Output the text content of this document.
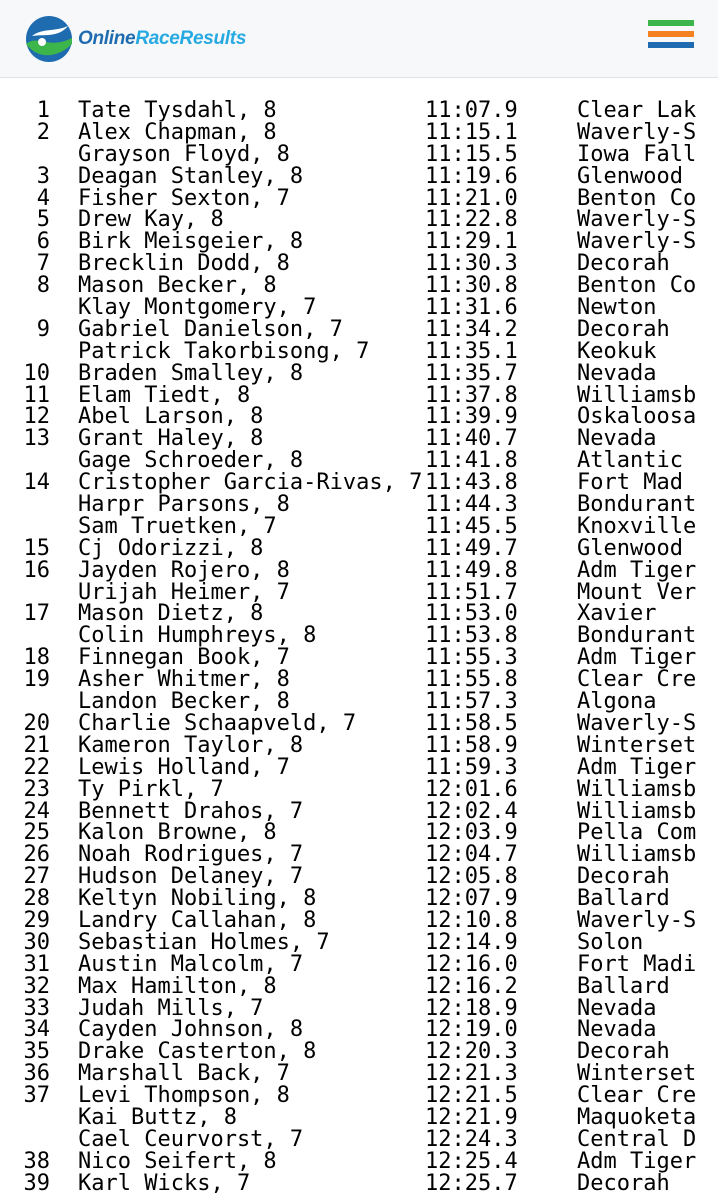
OnlineRaceResults
1 Tate Tysdahl, 8	11:07.9	Clear Lak
2 Alex Chapman, 8	11:15.1	Waverly-S
Grayson Floyd, 8	11:15.5	Iowa Fall
3 Deagan Stanley, 8	11:19.6	Glenwood
4 Fisher Sexton, 7	11:21.0	Benton Co
5 Drew Kay, 8	11:22.8	Waverly-S
6 Birk Meisgeier, 8	11:29.1	Waverly-S
7 Brecklin Dodd, 8	11:30.3	Decorah
8 Mason Becker, 8	11:30.8	Benton Co
Klay Montgomery, 7	11:31.6	Newton
9 Gabriel Danielson, 7	11:34.2	Decorah
Patrick Takorbisong, 7	11:35.1	Keokuk
10 Braden Smalley, 8	11:35.7	Nevada
11 Elam Tiedt, 8	11:37.8	Williamsb
12 Abel Larson, 8	11:39.9	Oskaloosa
13 Grant Haley, 8	11:40.7	Nevada
Gage Schroeder, 8	11:41.8	Atlantic
14 Cristopher Garcia-Rivas, 7 11:43.8	Fort Mad
Harpr Parsons, 8	11:44.3	Bondurant
Sam Truetken, 7	11:45.5	Knoxville
15 Cj Odorizzi, 8	11:49.7	Glenwood
16 Jayden Rojero, 8	11:49.8	Adm Tiger
Urijah Heimer, 7	11:51.7	Mount Ver
17 Mason Dietz, 8	11:53.0	Xavier
Colin Humphreys, 8	11:53.8	Bondurant
18 Finnegan Book, 7	11:55.3	Adm Tiger
19 Asher Whitmer, 8	11:55.8	Clear Cre
Landon Becker, 8	11:57.3	Algona
20 Charlie Schaapveld, 7	11:58.5	Waverly-S
21 Kameron Taylor, 8	11:58.9	Winterset
22 Lewis Holland, 7	11:59.3	Adm Tiger
23 Ty Pirkl, 7	12:01.6	Williamsb
24 Bennett Drahos, 7	12:02.4	Williamsb
25 Kalon Browne, 8	12:03.9	Pella Com
26 Noah Rodrigues, 7	12:04.7	Williamsb
27 Hudson Delaney, 7	12:05.8	Decorah
28 Keltyn Nobiling, 8	12:07.9	Ballard
29 Landry Callahan, 8	12:10.8	Waverly-S
30 Sebastian Holmes, 7	12:14.9	Solon
31 Austin Malcolm, 7	12:16.0	Fort Madi
32 Max Hamilton, 8	12:16.2	Ballard
33 Judah Mills, 7	12:18.9	Nevada
34 Cayden Johnson, 8	12:19.0	Nevada
35 Drake Casterton, 8	12:20.3	Decorah
36 Marshall Back, 7	12:21.3	Winterset
37 Levi Thompson, 8	12:21.5	Clear Cre
Kai Buttz, 8	12:21.9	Maquoketa
Cael Ceurvorst, 7	12:24.3	Central D
38 Nico Seifert, 8	12:25.4	Adm Tiger
39 Karl Wicks, 7	12:25.7	Decorah
